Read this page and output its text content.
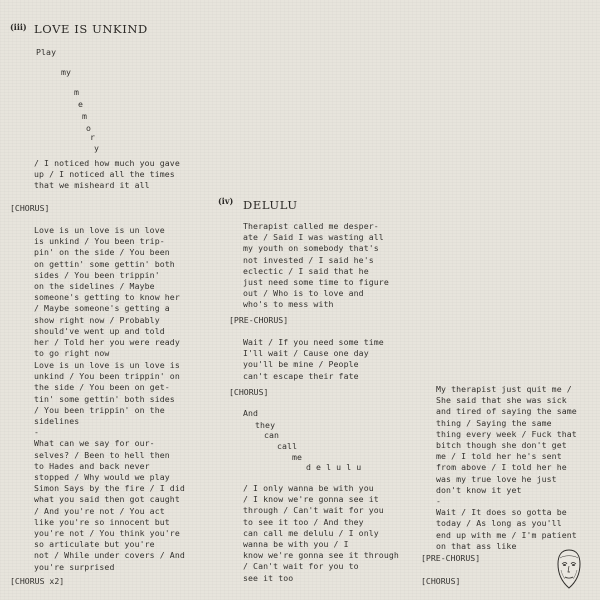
(iii) LOVE IS UNKIND
Play
my
m
e
m
o
r
y
/ I noticed how much you gave
up / I noticed all the times
that we misheard it all
[CHORUS]
Love is un love is un love
is unkind / You been trip-
pin' on the side / You been
on gettin' some gettin' both
sides / You been trippin'
on the sidelines / Maybe
someone's getting to know her
/ Maybe someone's getting a
show right now / Probably
should've went up and told
her / Told her you were ready
to go right now
Love is un love is un love is
unkind / You been trippin' on
the side / You been on get-
tin' some gettin' both sides
/ You been trippin' on the
sidelines
-
What can we say for our-
selves? / Been to hell then
to Hades and back never
stopped / Why would we play
Simon Says by the fire / I did
what you said then got caught
/ And you're not / You act
like you're so innocent but
you're not / You think you're
so articulate but you're
not / While under covers / And
you're surprised
[CHORUS x2]
(iv) DELULU
Therapist called me desper-
ate / Said I was wasting all
my youth on somebody that's
not invested / I said he's
eclectic / I said that he
just need some time to figure
out / Who is to love and
who's to mess with
[PRE-CHORUS]
Wait / If you need some time
I'll wait / Cause one day
you'll be mine / People
can't escape their fate
[CHORUS]
And
they
can
call
me
d e l u l u
/ I only wanna be with you
/ I know we're gonna see it
through / Can't wait for you
to see it too / And they
can call me delulu / I only
wanna be with you / I
know we're gonna see it through
/ Can't wait for you to
see it too
My therapist just quit me /
She said that she was sick
and tired of saying the same
thing / Saying the same
thing every week / Fuck that
bitch though she don't get
me / I told her he's sent
from above / I told her he
was my true love he just
don't know it yet
-
Wait / It does so gotta be
today / As long as you'll
end up with me / I'm patient
on that ass like
[PRE-CHORUS]
[CHORUS]
